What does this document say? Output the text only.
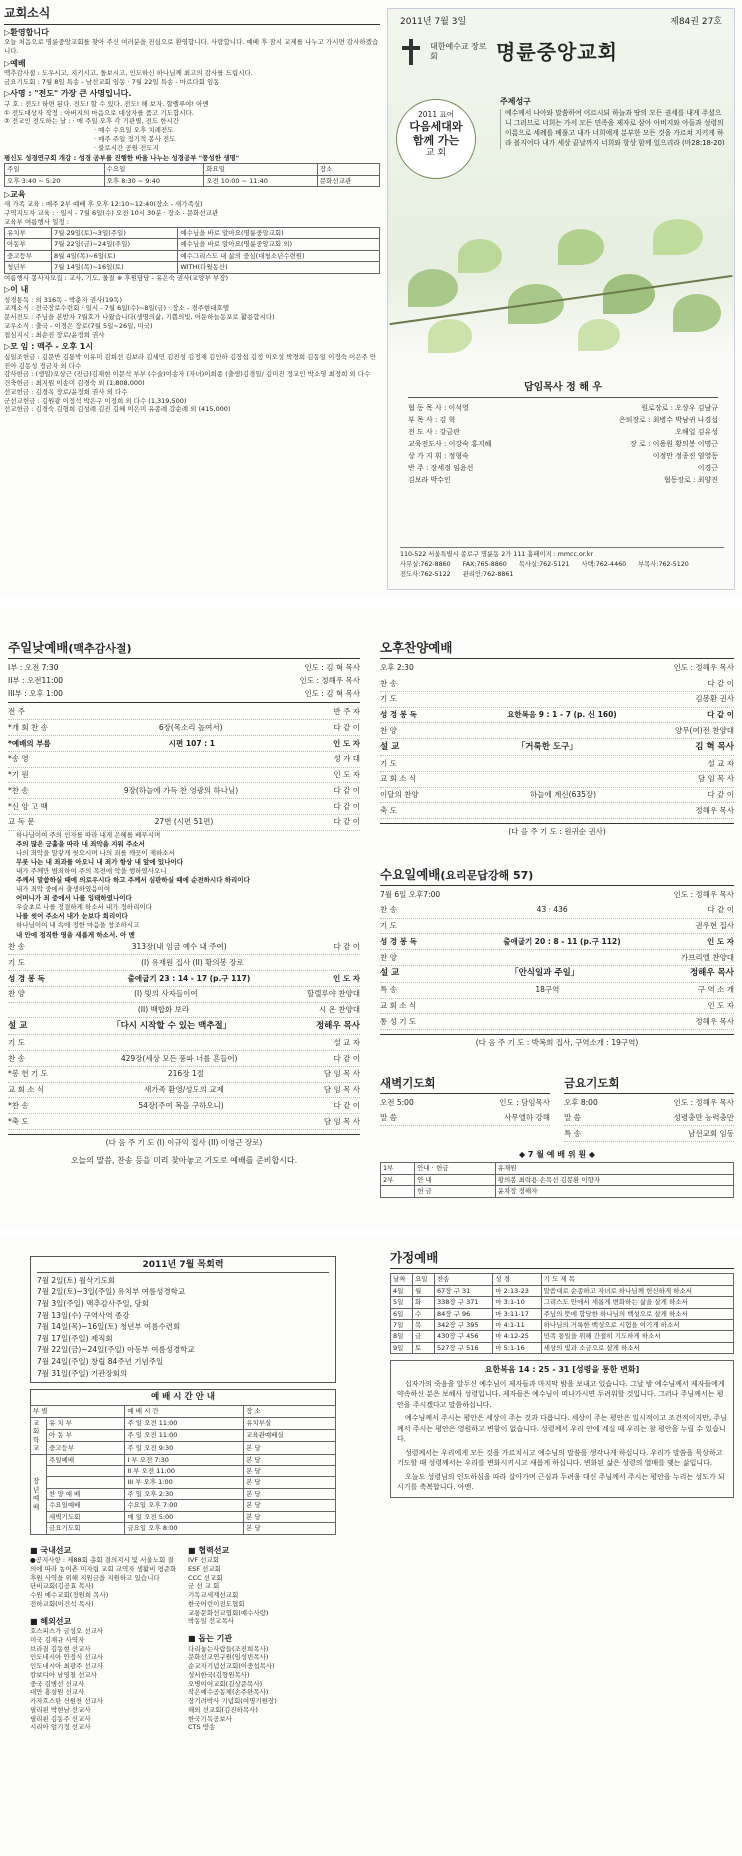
교회소식
▷환영합니다
오늘 처음으로 명륜중앙교회를 찾아 주신 여러분을 진심으로 환영합니다. 사랑합니다. 예배 후 잠시 교제를 나누고 가시면 감사하겠습니다.
▷예배
맥추감사절 : 도우시고, 지키시고, 돌보시고, 인도하신 하나님께 최고의 감사를 드립시다.
금요기도회 : 7월 8일 특송 - 남선교회 임동 · 7월 22일 특송 - 마르다회 임동
▷사명 : "전도" 가장 큰 사명입니다.
구 호 : 전도! 하면 된다. 전도! 할 수 있다. 전도! 해 보자. 할렐루야! 아멘
① 전도대상자 작정 : 아버지의 마음으로 대상자를 품고 기도합시다.
② 전교인 전도하는 날 : · 매 주일 오후 각 기관별, 전도 한시간
· 예수 수요일 오후 치례전도
· 매주 주일 정기적 봉사 전도
· 불로시간 공원 전도지
평신도 성경연구회 개강 : 성경 공부를 진행한 바울 나누는 성경공부 "풍성한 생명"
주일	수요일	화요일	장소
오후 3:40 ~ 5:20	오후 8:30 ~ 9:40	오전 10:00 ~ 11:40	문화선교관
▷교육
새 가족 교육 : 매주 2부 예배 후 오후 12:10~12:40(장소 - 새가족실)
구역지도자 교육 : · 일시 - 7월 6일(수) 오전 10시 30분 · 장소 - 문화선교관
교육부 여름행사 일정 :
유치부	7월 29일(토)~3일(주일)	예수님을 바로 알아요(명륜중앙교회)
아동부	7월 22일(금)~24일(주일)	예수님을 바로 알아요(명륜중앙교회 외)
중고등부	8월 4일(목)~6일(토)	예수그리스도 내 삶의 중심(대청소년수련원)
청년부	7월 14일(목)~16일(토)	WITH(다윗동산)
여름행사 봉사자모집 : 교사, 기도, 물질 ※ 후원담당 - 유은숙 권사(교양부 부장)
▷이 내
성경통독 : 외 316독 - 박춘자 권사(19독)
교계소식 : 전국장로수련회 · 일시 - 7월 6일(수)~8일(금) · 장소 - 경주현대호텔
문서전도 : 주님을 본받자 7월호가 나왔습니다(생명의삶, 기쁨의빛, 어둔하늘동포로 활용합시다)
교우소식 : 출국 - 이경은 장로(7월 5일~26일, 미국)
접심지시 : 최순진 장로/윤정희 권사
▷모 임 : 맥주 - 오후 1시
십일조헌금 : 김문반 김통박 이유미 김희선 김보라 김세민 김진성 김정재 김인하 김장섭 김정 이오성 박경희 김동일 이정숙 이은주 안진아 김동성 정금자 외 다수
감사헌금 : (생일)오상근 (진급)김재현 이문석 부부 (수술)이송자 (자녀)이희종 (출생)김경일/ 김미진 정교인 박소영 최정희 외 다수
건축헌금 : 최지원 이송미 김경숙 외 (1,808,000)
선교헌금 : 김경옥 장로/윤정희 권사 외 다수
군선교헌금 : 김원광 이정석 박은구 이정희 외 다수 (1,319,500)
선교헌금 : 김경숙 김형희 김성례 김진 김혜 이은미 유종례 강순례 외 (415,000)
2011년 7월 3일	제84권 27호
대한예수교 장로회	명륜중앙교회
2011 표어
다음세대와
함께 가는
교 회
주제성구
예수께서 나아와 말씀하여 이르시되 하늘과 땅의 모든 권세를 내게 주셨으니 그러므로 너희는 가서 모든 민족을 제자로 삼아 아버지와 아들과 성령의 이름으로 세례를 베풀고 내가 너희에게 분부한 모든 것을 가르쳐 지키게 하라 볼지어다 내가 세상 끝날까지 너희와 항상 함께 있으리라 (마28:18-20)
담임목사 정 해 우
협 동 목 사 : 이석영	원로장로 : 오상우 김남규
부 목 사 : 김 혁	은퇴장로 : 최병수 박남귀 나경섭
전 도 사 : 강금란	오해일 김유성
교육전도사 : 이강숙 홍지혜	장 로 : 이용원 황의봉 이명근
상 가 지 휘 : 정형숙	이정만 정종진 염영동
반 주 : 장세정 임윤선	이경근
김보라 박수인	협동장로 : 최양진
110-522 서울특별시 종로구 명륜동 2가 111 홈페이지 : mmcc.or.kr
사무실:762-8860 FAX:765-8860 목사실:762-5121 사택:762-4460 부목사:762-5120
전도사:762-5122 관리인:762-8861
주일낮예배(맥추감사절)
I부 : 오전 7:30	인도 : 김 혁 목사
II부 : 오전11:00	인도 : 정해우 목사
III부 : 오후 1:00	인도 : 김 혁 목사
전 주	반 주 자
*개 회 찬 송	6장(목소리 높여서)	다 같 이
*예배의 부름	시편 107 : 1	인 도 자
*송 영	성 가 대
*기 원	인 도 자
*찬 송	9장(하늘에 가득 찬 영광의 하나님)	다 같 이
*신 앙 고 백	다 같 이
교 독 문	27번 (시편 51편)	다 같 이
하나님이여 주의 인자를 따라 내게 은혜를 베푸시며
주의 많은 긍휼을 따라 내 죄악을 지워 주소서
나의 죄악을 말갛게 씻으시며 나의 죄를 깨끗이 제하소서
무릇 나는 내 죄과를 아오니 내 죄가 항상 내 앞에 있나이다
내가 주께만 범죄하여 주의 목전에 악을 행하였사오니
주께서 말씀하실 때에 의로우시다 하고 주께서 심판하실 때에 순전하시다 하리이다
내가 죄악 중에서 출생하였음이여
어머니가 죄 중에서 나를 잉태하였나이다
우슬초로 나를 정결하게 하소서 내가 정하리이다
나를 씻어 주소서 내가 눈보다 희리이다
하나님이여 내 속에 정한 마음을 창조하시고
내 안에 정직한 영을 새롭게 하소서. 아 멘
찬 송	313장(내 임금 예수 내 주여)	다 같 이
기 도	(I) 유재원 집사 (II) 황의봉 장로
성 경 봉 독	출애굽기 23 : 14 - 17 (p.구 117)	인 도 자
찬 양	(I) 빛의 사자들이여	할렐루야 찬양대
(II) 백합화 보라	시 온 찬양대
설 교	「다시 시작할 수 있는 맥추절」	정해우 목사
기 도	설 교 자
찬 송	429장(세상 모든 풍파 너를 흔들어)	다 같 이
*봉 헌 기 도	216장 1절	담 임 목 사
교 회 소 식	새가족 환영/성도의 교제	담 임 목 사
*찬 송	54장(주여 복을 구하오니)	다 같 이
*축 도	담 임 목 사
(다 음 주 기 도 (I) 이규익 집사 (II) 이영근 장로)
오늘의 말씀, 찬송 등을 미리 찾아놓고 기도로 예배를 준비합시다.
오후찬양예배
오후 2:30	인도 : 정해우 목사
찬 송	다 같 이
기 도	김봉환 권사
성 경 봉 독	요한복음 9 : 1 - 7 (p. 신 160)	다 같 이
찬 양	양무(여)전 찬양대
설 교	「거룩한 도구」	김 혁 목사
기 도	설 교 자
교 회 소 식	담 임 목 사
이달의 찬양	하늘에 계신(635장)	다 같 이
축 도	정해우 목사
(다 음 주 기 도 : 원귀순 권사)
수요일예배(요리문답강해 57)
7월 6일 오후7:00	인도 : 정해우 목사
찬 송	43 · 436	다 같 이
기 도	권우현 집사
성 경 봉 독	출애굽기 20 : 8 - 11 (p.구 112)	인 도 자
찬 양	가브리엘 찬양대
설 교	「안식일과 주일」	정해우 목사
특 송	18구역	구 역 소 개
교 회 소 식	인 도 자
통 성 기 도	정해우 목사
(다 음 주 기 도 : 박복희 집사, 구역소개 : 19구역)
새벽기도회
오전 5:00	인도 : 담임목사
말 씀	사무엘하 강해
금요기도회
오후 8:00	인도 : 정해우 목사
말 씀	성령충만 능력충만
특 송	남선교회 임동
◆ 7 월 예 배 위 원 ◆
1부	안내 · 헌금	유재원
2부	안 내	황의봉 최락용 손목선 김봉환 이향자
	헌 금	윤차장 정해자
2011년 7월 목회력
7월 2일(토) 월삭기도회
7월 2일(토)~3일(주일) 유치부 여름성경학교
7월 3일(주일) 맥추감사주일, 당회
7월 13일(수) 구역사역 종강
7월 14일(목)~16일(토) 청년부 여름수련회
7월 17일(주일) 제직회
7월 22일(금)~24일(주일) 아동부 여름성경학교
7월 24일(주일) 창립 84주년 기념주일
7월 31일(주일) 기관장회의
예 배 시 간 안 내
부 별		예 배 시 간	장 소
교회학교	유 치 부	주 일 오전 11:00	유치부실
	아 동 부	주 일 오전 11:00	교육관예배실
	중고등부	주 일 오전 9:30	본 당
장년예배	주일예배	I 부 오전 7:30	본 당
		II 부 오전 11:00	본 당
		III 부 오후 1:00	본 당
	찬 양 예 배	주 일 오후 2:30	본 당
	수요일예배	수요일 오후 7:00	본 당
	새벽기도회	매 일 오전 5:00	본 당
	금요기도회	금요일 오후 8:00	본 당
■ 국내선교
●공지사항 : 제88회 총회 결의지시 및 서울노회 결의에 따라 농어촌 미자립 교회 교역자 생활비 평준화 후원 사역을 위해 지원금을 지원하고 있습니다
단비교회(김공효 목사)
수원 예수교회(정원희 목사)
전하교회(이건석 목사)
■ 해외선교
호스피스가 금성오 선교사
미국 김재규 사역자
브라질 김동현 선교사
인도네시아 안정식 선교사
인도네시아 최광주 선교사
캄보디아 남영철 선교사
중국 김병선 선교사
대만 홍성원 선교사
카자흐스탄 신원찬 선교사
필리핀 박현남 선교사
필리핀 김동주 선교사
시리아 엄기정 선교사
■ 협력선교
IVF 선교회
ESF 선교회
CCC 선교회
군 선 교 회
기독교세계선교회
한국어린이전도협회
교통문화선교협회(예수사랑)
박동일 선교목사
■ 돕는 기관
다리놓는사람들(조진희목사)
문화선교연구원(임성빈목사)
순교자기념선교회(이중섭목사)
성서한국(김형원목사)
오병이어교회(김상준목사)
작은예수공동체(손주완목사)
장기려박사 기념회(여명기원장)
해외 선교회(김진하목사)
한국기독공보사
CTS 방송
가정예배
날짜	요일	찬송	성 경	기 도 제 목
4일	월	67장 구 31	마 2:13-23	말씀대로 순종하고 자녀로 하나님께 헌신하게 하소서
5일	화	338장 구 371	마 3:1-10	그리스도 안에서 새롭게 변화하는 삶을 살게 하소서
6일	수	84장 구 96	마 3:11-17	주님의 뜻에 합당한 하나님의 백성으로 살게 하소서
7일	목	342장 구 395	마 4:1-11	하나님의 거룩한 백성으로 시험을 이기게 하소서
8일	금	430장 구 456	마 4:12-25	민족 통일을 위해 간절히 기도하게 하소서
9일	토	527장 구 516	마 5:1-16	세상의 빛과 소금으로 살게 하소서
요한복음 14 : 25 - 31 [성령을 통한 변화]
십자가의 죽음을 앞두신 예수님이 제자들과 마지막 밤을 보내고 있습니다. 그날 밤 예수님께서 제자들에게 약속하신 분은 보혜사 성령입니다. 제자들은 예수님이 떠나가시면 두려워할 것입니다. 그러나 주님께서는 평안을 주시겠다고 말씀하십니다.
예수님께서 주시는 평안은 세상이 주는 것과 다릅니다. 세상이 주는 평안은 일시적이고 조건적이지만, 주님께서 주시는 평안은 영원하고 변함이 없습니다. 성령께서 우리 안에 계실 때 우리는 참 평안을 누릴 수 있습니다.
성령께서는 우리에게 모든 것을 가르치시고 예수님의 말씀을 생각나게 하십니다. 우리가 말씀을 묵상하고 기도할 때 성령께서는 우리를 변화시키시고 새롭게 하십니다. 변화된 삶은 성령의 열매를 맺는 삶입니다.
오늘도 성령님의 인도하심을 따라 살아가며 근심과 두려움 대신 주님께서 주시는 평안을 누리는 성도가 되시기를 축복합니다. 아멘.
